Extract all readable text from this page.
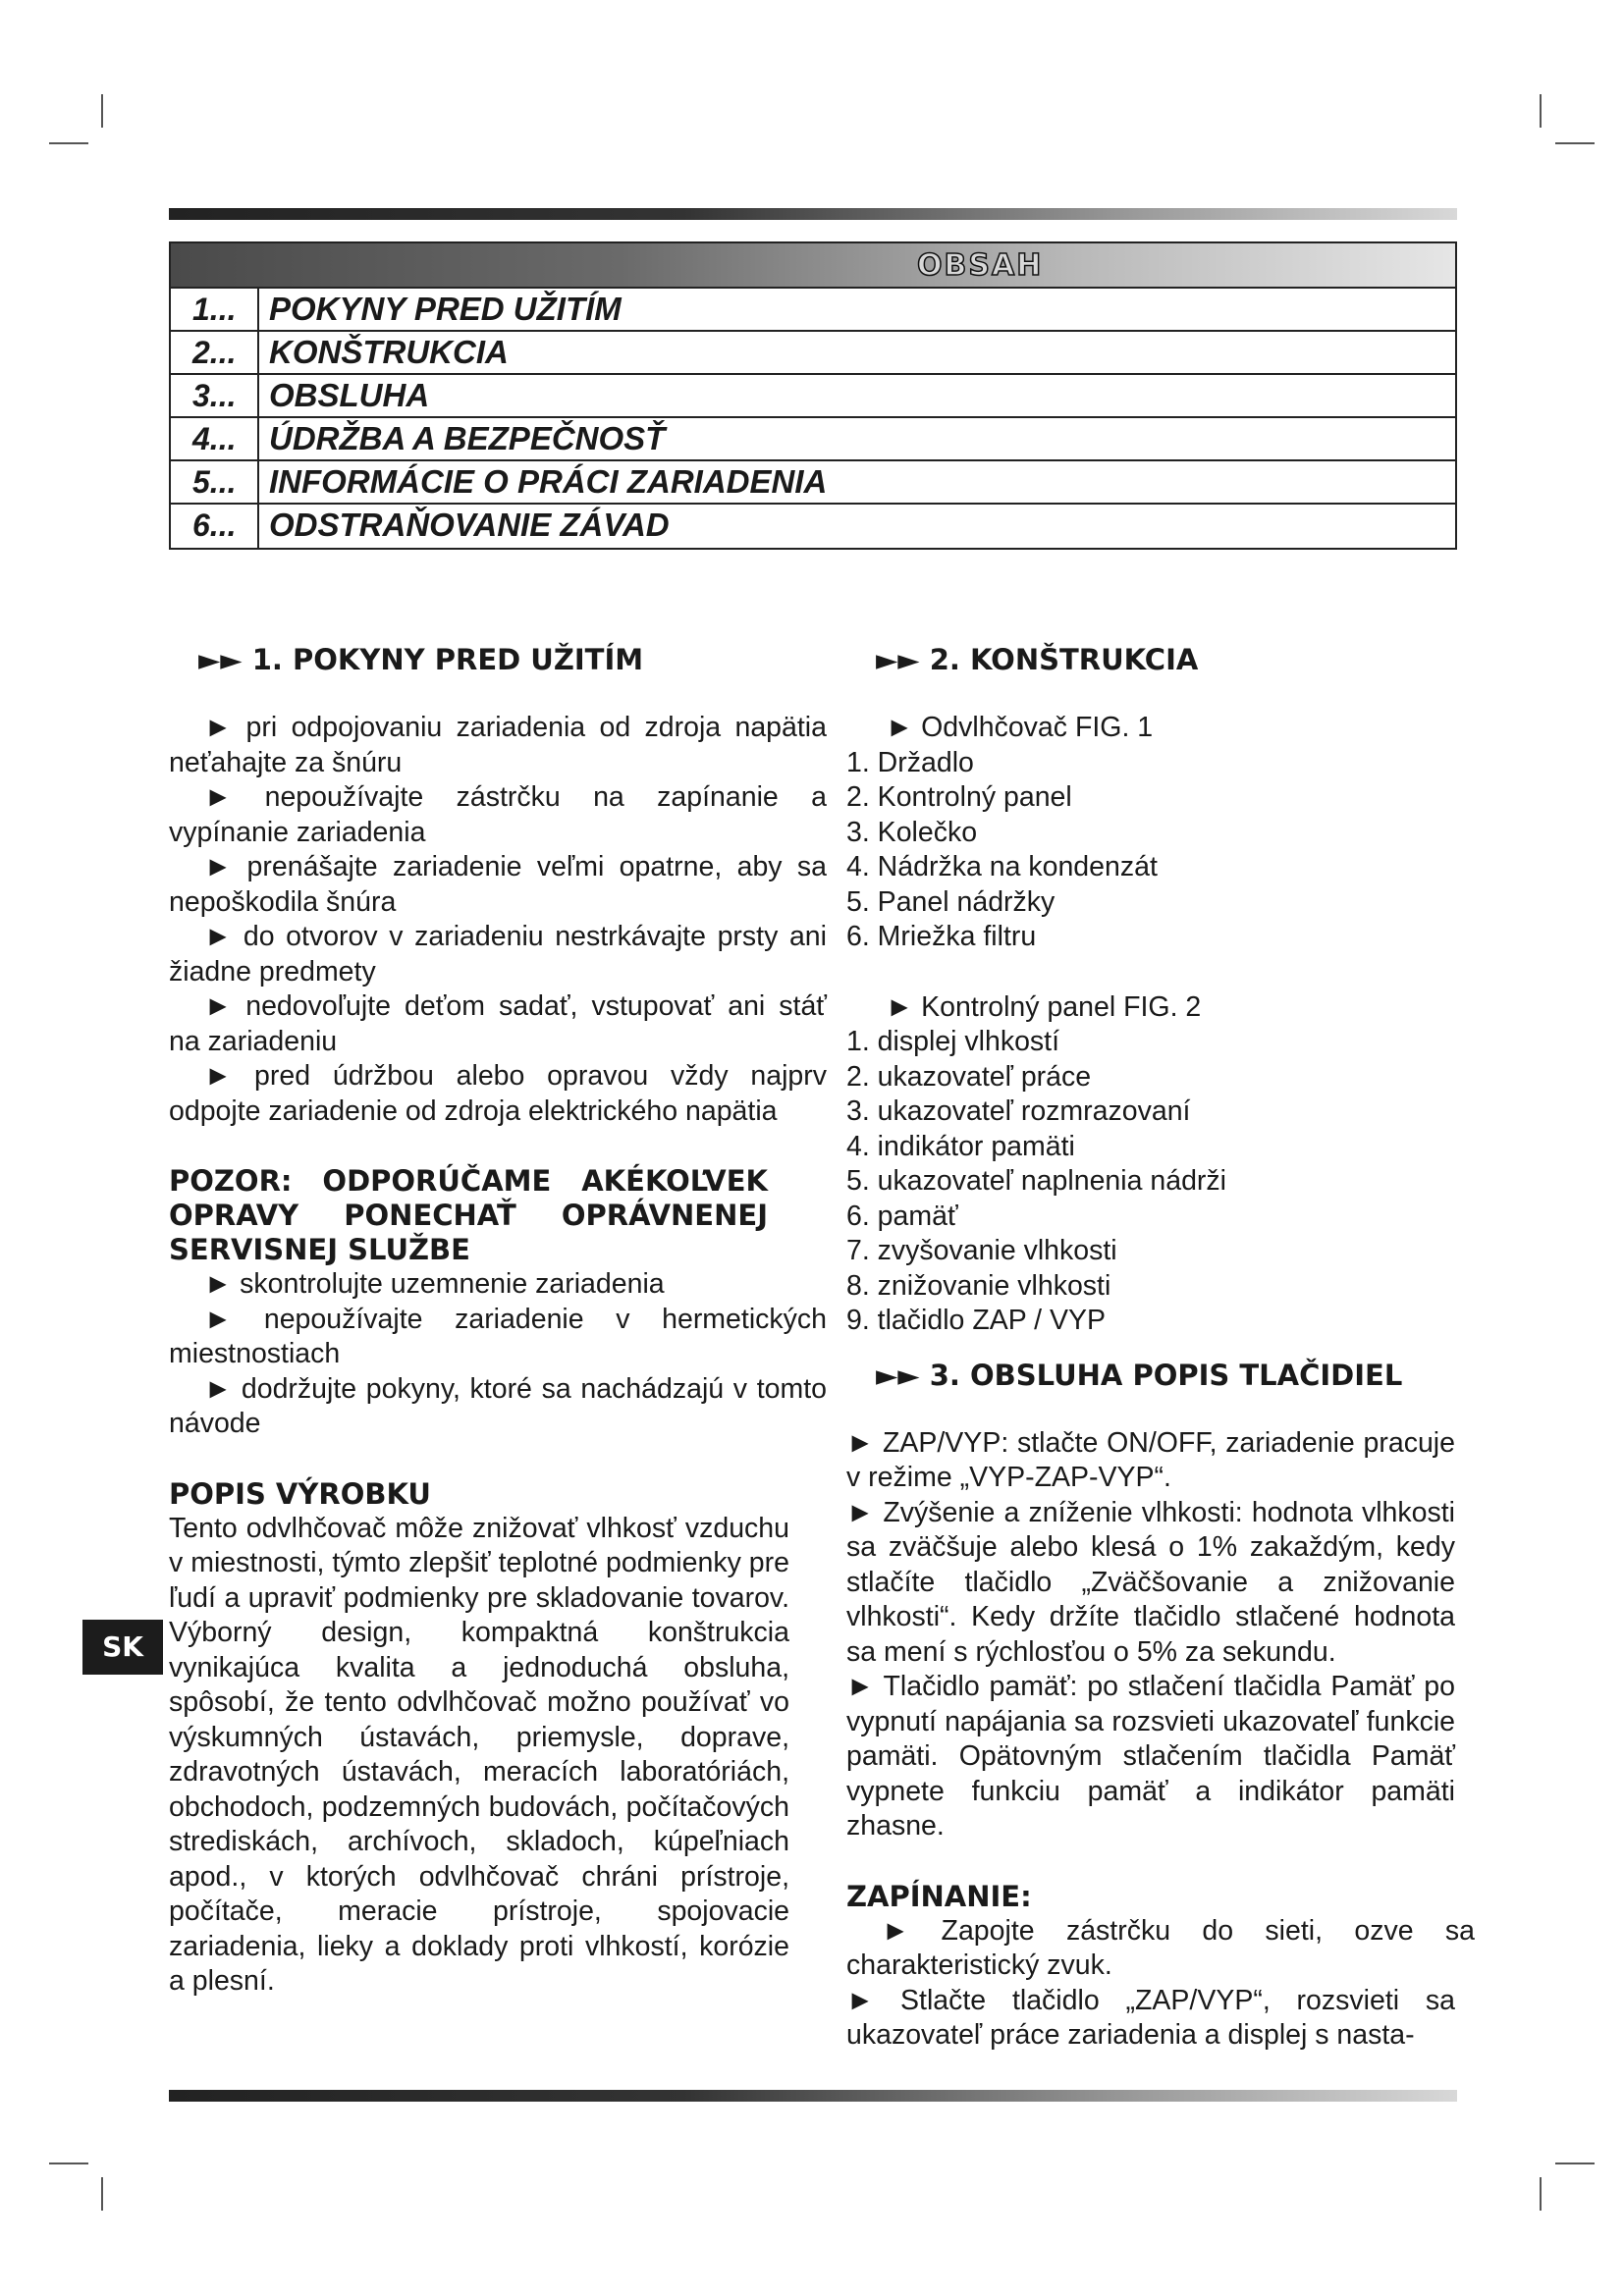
OBSAH
1...	POKYNY PRED UŽITÍM
2...	KONŠTRUKCIA
3...	OBSLUHA
4...	ÚDRŽBA A BEZPEČNOSŤ
5...	INFORMÁCIE O PRÁCI ZARIADENIA
6...	ODSTRAŇOVANIE ZÁVAD
►► 1. POKYNY PRED UŽITÍM

► pri odpojovaniu zariadenia od zdroja napätia neťahajte za šnúru

► nepoužívajte zástrčku na zapínanie a vypínanie zariadenia

► prenášajte zariadenie veľmi opatrne, aby sa nepoškodila šnúra

► do otvorov v zariadeniu nestrkávajte prsty ani žiadne predmety

► nedovoľujte deťom sadať, vstupovať ani stáť na zariadeniu

► pred údržbou alebo opravou vždy najprv odpojte zariadenie od zdroja elektrického napätia

POZOR: ODPORÚČAME AKÉKOĽVEK OPRAVY PONECHAŤ OPRÁVNENEJ SERVISNEJ SLUŽBE

► skontrolujte uzemnenie zariadenia

► nepoužívajte zariadenie v hermetických miestnostiach

► dodržujte pokyny, ktoré sa nachádzajú v tomto návode

POPIS VÝROBKU

Tento odvlhčovač môže znižovať vlhkosť vzduchu v miestnosti, týmto zlepšiť teplotné podmienky pre ľudí a upraviť podmienky pre skladovanie tovarov. Výborný design, kompaktná konštrukcia vynikajúca kvalita a jednoduchá obsluha, spôsobí, že tento odvlhčovač možno používať vo výskumných ústavách, priemysle, doprave, zdravotných ústavách, meracích laboratóriách, obchodoch, podzemných budovách, počítačových strediskách, archívoch, skladoch, kúpeľniach apod., v ktorých odvlhčovač chráni prístroje, počítače, meracie prístroje, spojovacie zariadenia, lieky a doklady proti vlhkostí, korózie a plesní.

►► 2. KONŠTRUKCIA

► Odvlhčovač FIG. 1

1. Držadlo

2. Kontrolný panel

3. Kolečko

4. Nádržka na kondenzát

5. Panel nádržky

6. Mriežka filtru

► Kontrolný panel FIG. 2

1. displej vlhkostí

2. ukazovateľ práce

3. ukazovateľ rozmrazovaní

4. indikátor pamäti

5. ukazovateľ naplnenia nádrži

6. pamäť

7. zvyšovanie vlhkosti

8. znižovanie vlhkosti

9. tlačidlo ZAP / VYP

►► 3. OBSLUHA POPIS TLAČIDIEL

► ZAP/VYP: stlačte ON/OFF, zariadenie pracuje v režime „VYP-ZAP-VYP“.

► Zvýšenie a zníženie vlhkosti: hodnota vlhkosti sa zväčšuje alebo klesá o 1% zakaždým, kedy stlačíte tlačidlo „Zväčšovanie a znižovanie vlhkosti“. Kedy držíte tlačidlo stlačené hodnota sa mení s rýchlosťou o 5% za sekundu.

► Tlačidlo pamäť: po stlačení tlačidla Pamäť po vypnutí napájania sa rozsvieti ukazovateľ funkcie pamäti. Opätovným stlačením tlačidla Pamäť vypnete funkciu pamäť a indikátor pamäti zhasne.

ZAPÍNANIE:

► Zapojte zástrčku do sieti, ozve sa charakteristický zvuk.

► Stlačte tlačidlo „ZAP/VYP“, rozsvieti sa ukazovateľ práce zariadenia a displej s nasta-

SK
